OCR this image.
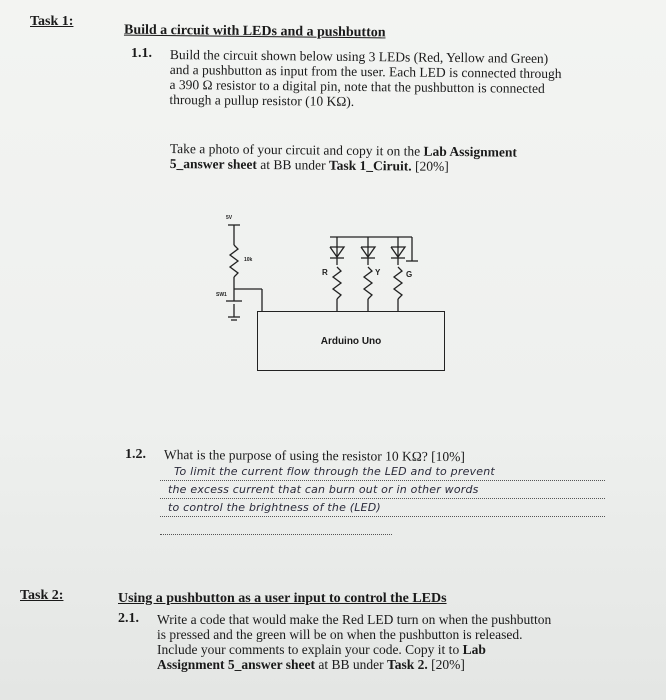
Task 1:
Build a circuit with LEDs and a pushbutton
1.1. Build the circuit shown below using 3 LEDs (Red, Yellow and Green)
and a pushbutton as input from the user. Each LED is connected through
a 390 Ω resistor to a digital pin, note that the pushbutton is connected
through a pullup resistor (10 KΩ).
Take a photo of your circuit and copy it on the Lab Assignment
5_answer sheet at BB under Task 1_Ciruit. [20%]
5V
10k
SW1
R	Y	G
Arduino Uno
1.2. What is the purpose of using the resistor 10 KΩ? [10%]
To limit the current flow through the LED and to prevent
the excess current that can burn out or in other words
to control the brightness of the (LED)
Task 2:	Using a pushbutton as a user input to control the LEDs
2.1. Write a code that would make the Red LED turn on when the pushbutton
is pressed and the green will be on when the pushbutton is released.
Include your comments to explain your code. Copy it to Lab
Assignment 5_answer sheet at BB under Task 2. [20%]
